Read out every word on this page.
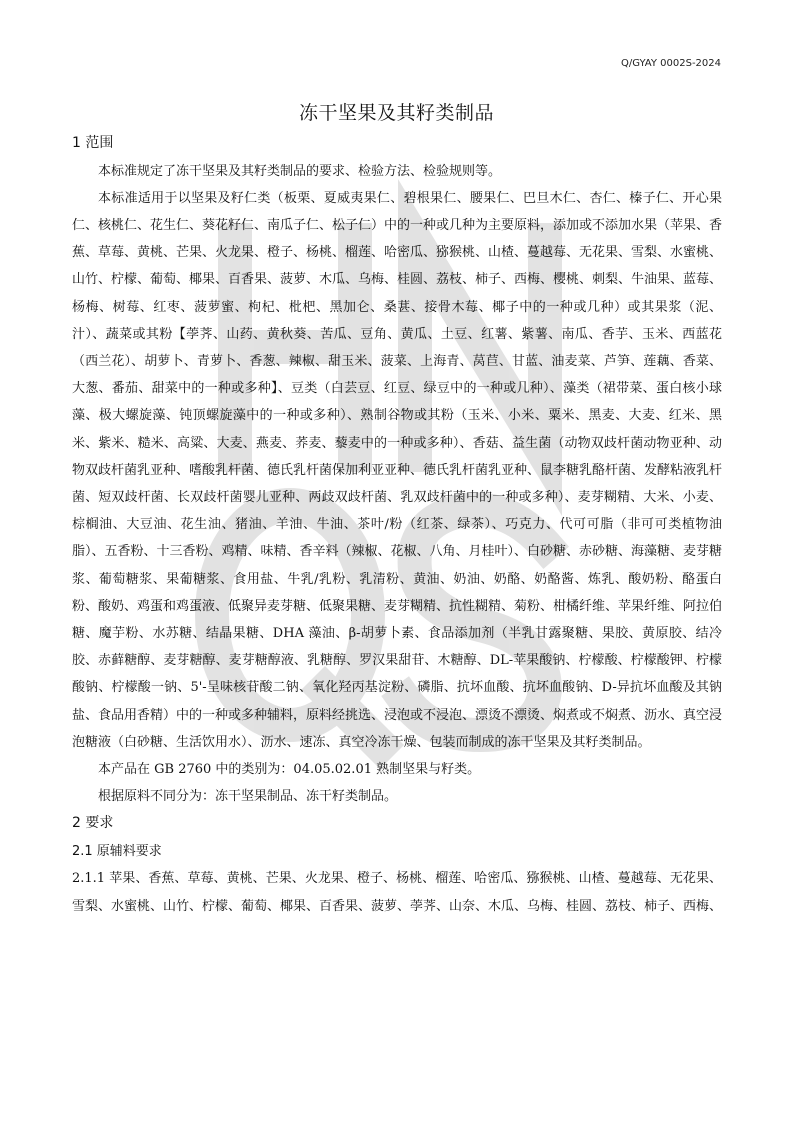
Q/GYAY 0002S-2024
冻干坚果及其籽类制品
1 范围

本标准规定了冻干坚果及其籽类制品的要求、检验方法、检验规则等。

本标准适用于以坚果及籽仁类（板栗、夏威夷果仁、碧根果仁、腰果仁、巴旦木仁、杏仁、榛子仁、开心果仁、核桃仁、花生仁、葵花籽仁、南瓜子仁、松子仁）中的一种或几种为主要原料，添加或不添加水果（苹果、香蕉、草莓、黄桃、芒果、火龙果、橙子、杨桃、榴莲、哈密瓜、猕猴桃、山楂、蔓越莓、无花果、雪梨、水蜜桃、山竹、柠檬、葡萄、椰果、百香果、菠萝、木瓜、乌梅、桂圆、荔枝、柿子、西梅、樱桃、刺梨、牛油果、蓝莓、杨梅、树莓、红枣、菠萝蜜、枸杞、枇杷、黑加仑、桑葚、接骨木莓、椰子中的一种或几种）或其果浆（泥、汁）、蔬菜或其粉【荸荠、山药、黄秋葵、苦瓜、豆角、黄瓜、土豆、红薯、紫薯、南瓜、香芋、玉米、西蓝花（西兰花）、胡萝卜、青萝卜、香葱、辣椒、甜玉米、菠菜、上海青、莴苣、甘蓝、油麦菜、芦笋、莲藕、香菜、大葱、番茄、甜菜中的一种或多种】、豆类（白芸豆、红豆、绿豆中的一种或几种）、藻类（裙带菜、蛋白核小球藻、极大螺旋藻、钝顶螺旋藻中的一种或多种）、熟制谷物或其粉（玉米、小米、粟米、黑麦、大麦、红米、黑米、紫米、糙米、高粱、大麦、燕麦、荞麦、藜麦中的一种或多种）、香菇、益生菌（动物双歧杆菌动物亚种、动物双歧杆菌乳亚种、嗜酸乳杆菌、德氏乳杆菌保加利亚亚种、德氏乳杆菌乳亚种、鼠李糖乳酪杆菌、发酵粘液乳杆菌、短双歧杆菌、长双歧杆菌婴儿亚种、两歧双歧杆菌、乳双歧杆菌中的一种或多种）、麦芽糊精、大米、小麦、棕榈油、大豆油、花生油、猪油、羊油、牛油、茶叶/粉（红茶、绿茶）、巧克力、代可可脂（非可可类植物油脂）、五香粉、十三香粉、鸡精、味精、香辛料（辣椒、花椒、八角、月桂叶）、白砂糖、赤砂糖、海藻糖、麦芽糖浆、葡萄糖浆、果葡糖浆、食用盐、牛乳/乳粉、乳清粉、黄油、奶油、奶酪、奶酪酱、炼乳、酸奶粉、酪蛋白粉、酸奶、鸡蛋和鸡蛋液、低聚异麦芽糖、低聚果糖、麦芽糊精、抗性糊精、菊粉、柑橘纤维、苹果纤维、阿拉伯糖、魔芋粉、水苏糖、结晶果糖、DHA 藻油、β-胡萝卜素、食品添加剂（半乳甘露聚糖、果胶、黄原胶、结冷胶、赤藓糖醇、麦芽糖醇、麦芽糖醇液、乳糖醇、罗汉果甜苷、木糖醇、DL-苹果酸钠、柠檬酸、柠檬酸钾、柠檬酸钠、柠檬酸一钠、5'-呈味核苷酸二钠、氧化羟丙基淀粉、磷脂、抗坏血酸、抗坏血酸钠、D-异抗坏血酸及其钠盐、食品用香精）中的一种或多种辅料，原料经挑选、浸泡或不浸泡、漂烫不漂烫、焖煮或不焖煮、沥水、真空浸泡糖液（白砂糖、生活饮用水）、沥水、速冻、真空冷冻干燥、包装而制成的冻干坚果及其籽类制品。

本产品在 GB 2760 中的类别为：04.05.02.01 熟制坚果与籽类。

根据原料不同分为：冻干坚果制品、冻干籽类制品。

2 要求
2.1 原辅料要求

2.1.1 苹果、香蕉、草莓、黄桃、芒果、火龙果、橙子、杨桃、榴莲、哈密瓜、猕猴桃、山楂、蔓越莓、无花果、雪梨、水蜜桃、山竹、柠檬、葡萄、椰果、百香果、菠萝、荸荠、山奈、木瓜、乌梅、桂圆、荔枝、柿子、西梅、
